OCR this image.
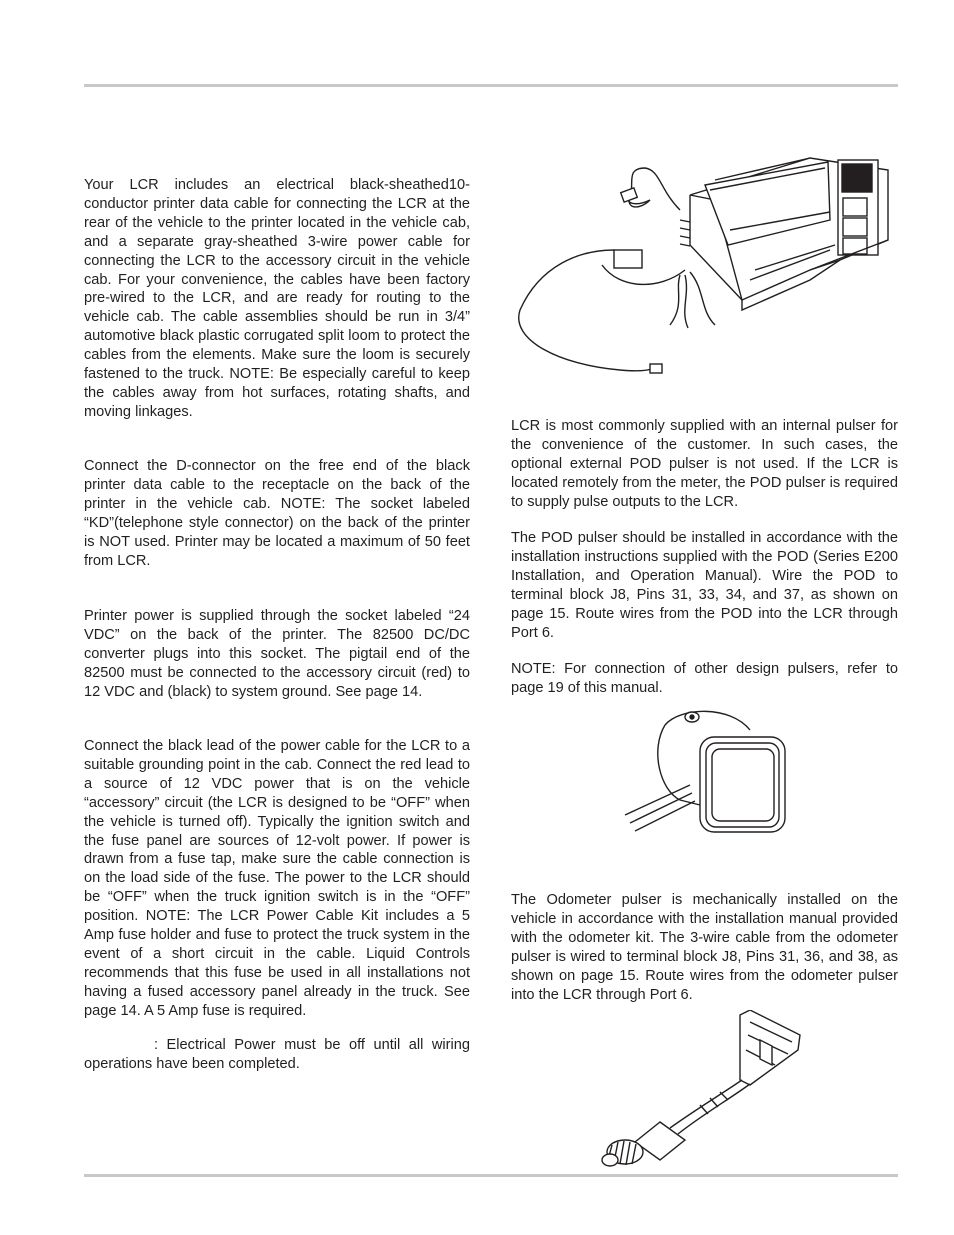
Your LCR includes an electrical black-sheathed10-conductor printer data cable for connecting the LCR at the rear of the vehicle to the printer located in the vehicle cab, and a separate gray-sheathed 3-wire power cable for connecting the LCR to the accessory circuit in the vehicle cab. For your convenience, the cables have been factory pre-wired to the LCR, and are ready for routing to the vehicle cab. The cable assemblies should be run in 3/4” automotive black plastic corrugated split loom to protect the cables from the elements. Make sure the loom is securely fastened to the truck. NOTE: Be especially careful to keep the cables away from hot surfaces, rotating shafts, and moving linkages.

Connect the D-connector on the free end of the black printer data cable to the receptacle on the back of the printer in the vehicle cab. NOTE: The socket labeled “KD”(telephone style connector) on the back of the printer is NOT used. Printer may be located a maximum of 50 feet from LCR.

Printer power is supplied through the socket labeled “24 VDC” on the back of the printer. The 82500 DC/DC converter plugs into this socket. The pigtail end of the 82500 must be connected to the accessory circuit (red) to 12 VDC and (black) to system ground. See page 14.

Connect the black lead of the power cable for the LCR to a suitable grounding point in the cab. Connect the red lead to a source of 12 VDC power that is on the vehicle “accessory” circuit (the LCR is designed to be “OFF” when the vehicle is turned off). Typically the ignition switch and the fuse panel are sources of 12-volt power. If power is drawn from a fuse tap, make sure the cable connection is on the load side of the fuse. The power to the LCR should be “OFF” when the truck ignition switch is in the “OFF” position. NOTE: The LCR Power Cable Kit includes a 5 Amp fuse holder and fuse to protect the truck system in the event of a short circuit in the cable. Liquid Controls recommends that this fuse be used in all installations not having a fused accessory panel already in the truck. See page 14. A 5 Amp fuse is required.

: Electrical Power must be off until all wiring operations have been completed.

LCR is most commonly supplied with an internal pulser for the convenience of the customer. In such cases, the optional external POD pulser is not used. If the LCR is located remotely from the meter, the POD pulser is required to supply pulse outputs to the LCR.

The POD pulser should be installed in accordance with the installation instructions supplied with the POD (Series E200 Installation, and Operation Manual). Wire the POD to terminal block J8, Pins 31, 33, 34, and 37, as shown on page 15. Route wires from the POD into the LCR through Port 6.

NOTE: For connection of other design pulsers, refer to page 19 of this manual.

The Odometer pulser is mechanically installed on the vehicle in accordance with the installation manual provided with the odometer kit. The 3-wire cable from the odometer pulser is wired to terminal block J8, Pins 31, 36, and 38, as shown on page 15. Route wires from the odometer pulser into the LCR through Port 6.
